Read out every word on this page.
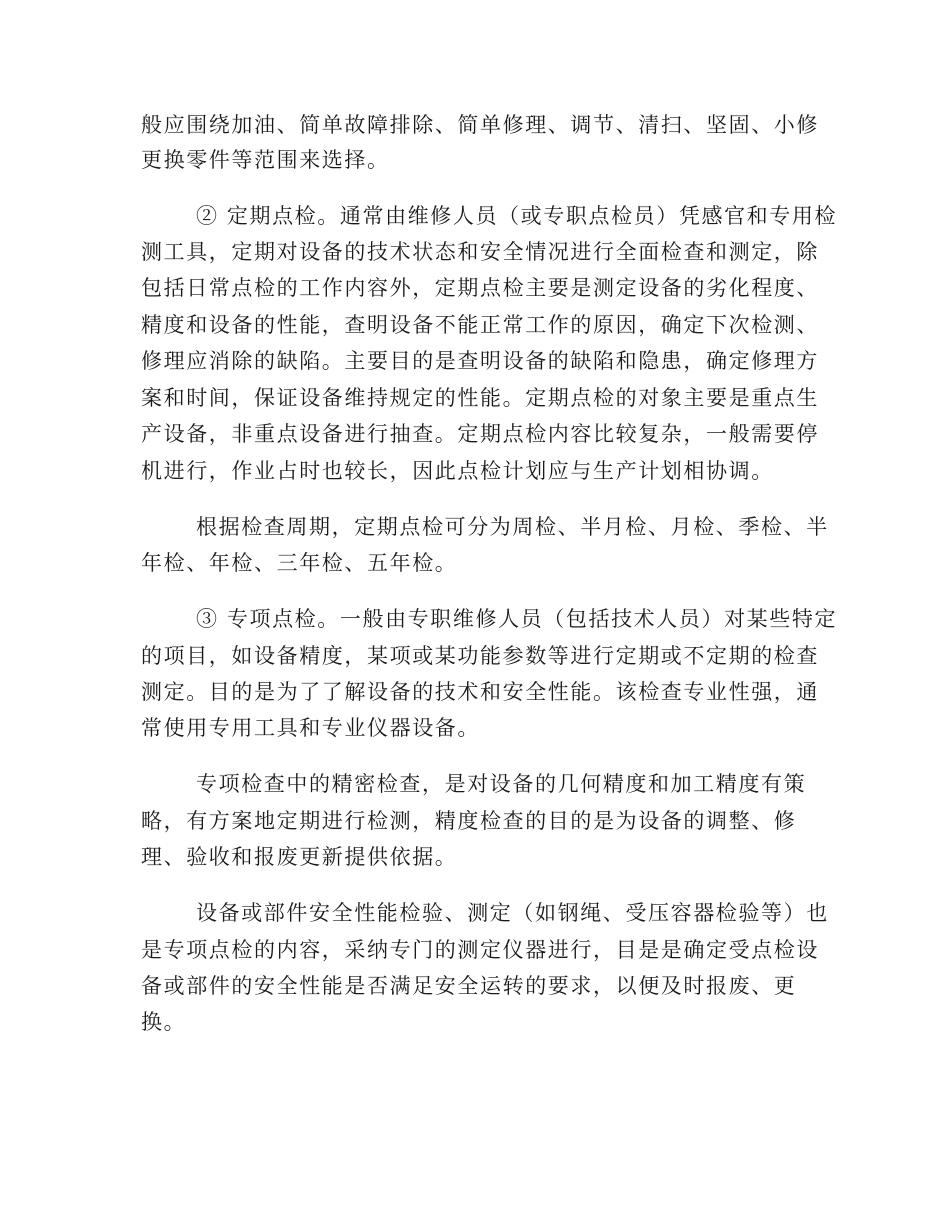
般应围绕加油、简单故障排除、简单修理、调节、清扫、坚固、小修
更换零件等范围来选择。
② 定期点检。通常由维修人员（或专职点检员）凭感官和专用检
测工具，定期对设备的技术状态和安全情况进行全面检查和测定，除
包括日常点检的工作内容外，定期点检主要是测定设备的劣化程度、
精度和设备的性能，查明设备不能正常工作的原因，确定下次检测、
修理应消除的缺陷。主要目的是查明设备的缺陷和隐患，确定修理方
案和时间，保证设备维持规定的性能。定期点检的对象主要是重点生
产设备，非重点设备进行抽查。定期点检内容比较复杂，一般需要停
机进行，作业占时也较长，因此点检计划应与生产计划相协调。
根据检查周期，定期点检可分为周检、半月检、月检、季检、半
年检、年检、三年检、五年检。
③ 专项点检。一般由专职维修人员（包括技术人员）对某些特定
的项目，如设备精度，某项或某功能参数等进行定期或不定期的检查
测定。目的是为了了解设备的技术和安全性能。该检查专业性强，通
常使用专用工具和专业仪器设备。
专项检查中的精密检查，是对设备的几何精度和加工精度有策
略，有方案地定期进行检测，精度检查的目的是为设备的调整、修
理、验收和报废更新提供依据。
设备或部件安全性能检验、测定（如钢绳、受压容器检验等）也
是专项点检的内容，采纳专门的测定仪器进行，目是是确定受点检设
备或部件的安全性能是否满足安全运转的要求，以便及时报废、更
换。
